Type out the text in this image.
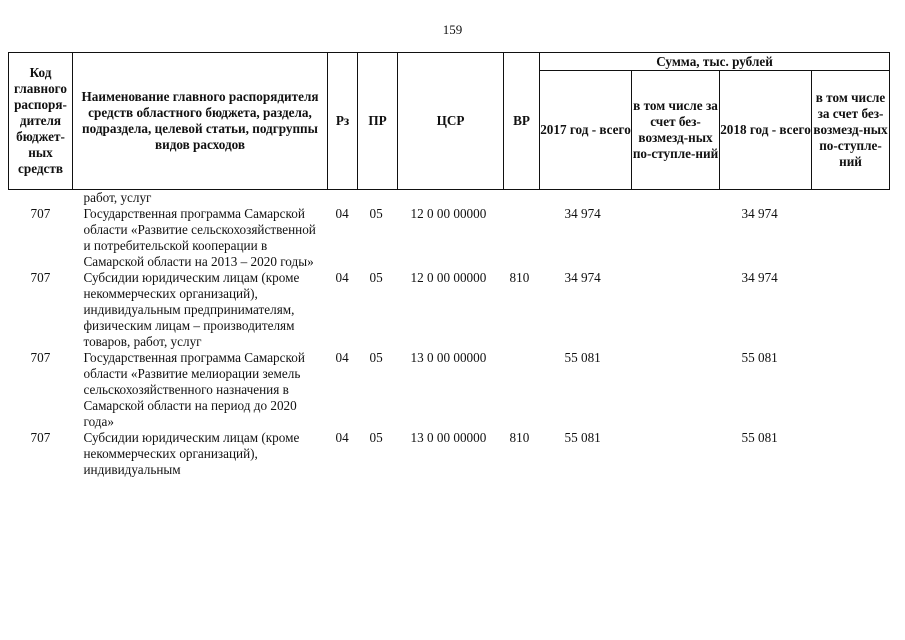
159
Код главного распоря-дителя бюджет-ных средств	Наименование главного распорядителя средств областного бюджета, раздела, подраздела, целевой статьи, подгруппы видов расходов	Рз	ПР	ЦСР	ВР	Сумма, тыс. рублей			
						2017 год - всего	в том числе за счет без-возмезд-ных по-ступле-ний	2018 год - всего	в том числе за счет без-возмезд-ных по-ступле-ний
	работ, услуг								
707	Государственная программа Самарской области «Развитие сельскохозяйственной и потребительской кооперации в Самарской области на 2013 – 2020 годы»	04	05	12 0 00 00000		34 974		34 974	
707	Субсидии юридическим лицам (кроме некоммерческих организаций), индивидуальным предпринимателям, физическим лицам – производителям товаров, работ, услуг	04	05	12 0 00 00000	810	34 974		34 974	
707	Государственная программа Самарской области «Развитие мелиорации земель сельскохозяйственного назначения в Самарской области на период до 2020 года»	04	05	13 0 00 00000		55 081		55 081	
707	Субсидии юридическим лицам (кроме некоммерческих организаций), индивидуальным	04	05	13 0 00 00000	810	55 081		55 081	
